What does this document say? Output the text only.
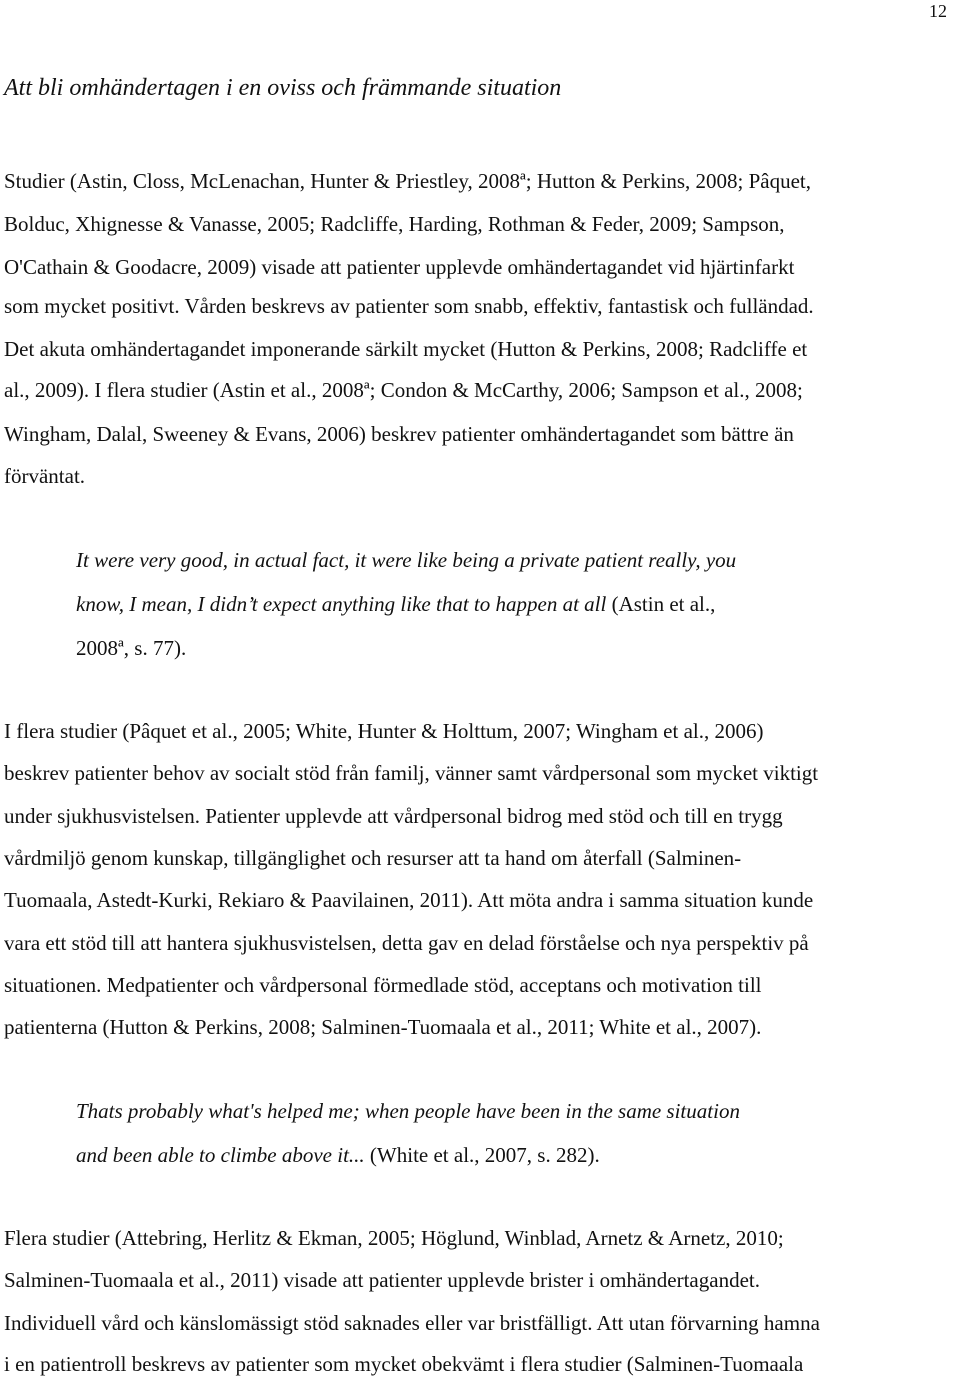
12
Att bli omhändertagen i en oviss och främmande situation
Studier (Astin, Closs, McLenachan, Hunter & Priestley, 2008ª; Hutton & Perkins, 2008; Pâquet,
Bolduc, Xhignesse & Vanasse, 2005; Radcliffe, Harding, Rothman & Feder, 2009; Sampson,
O'Cathain & Goodacre, 2009) visade att patienter upplevde omhändertagandet vid hjärtinfarkt
som mycket positivt. Vården beskrevs av patienter som snabb, effektiv, fantastisk och fulländad.
Det akuta omhändertagandet imponerande särkilt mycket (Hutton & Perkins, 2008; Radcliffe et
al., 2009). I flera studier (Astin et al., 2008ª; Condon & McCarthy, 2006; Sampson et al., 2008;
Wingham, Dalal, Sweeney & Evans, 2006) beskrev patienter omhändertagandet som bättre än
förväntat.
It were very good, in actual fact, it were like being a private patient really, you
know, I mean, I didn’t expect anything like that to happen at all (Astin et al.,
2008ª, s. 77).
I flera studier (Pâquet et al., 2005; White, Hunter & Holttum, 2007; Wingham et al., 2006)
beskrev patienter behov av socialt stöd från familj, vänner samt vårdpersonal som mycket viktigt
under sjukhusvistelsen. Patienter upplevde att vårdpersonal bidrog med stöd och till en trygg
vårdmiljö genom kunskap, tillgänglighet och resurser att ta hand om återfall (Salminen-
Tuomaala, Astedt-Kurki, Rekiaro & Paavilainen, 2011). Att möta andra i samma situation kunde
vara ett stöd till att hantera sjukhusvistelsen, detta gav en delad förståelse och nya perspektiv på
situationen. Medpatienter och vårdpersonal förmedlade stöd, acceptans och motivation till
patienterna (Hutton & Perkins, 2008; Salminen-Tuomaala et al., 2011; White et al., 2007).
Thats probably what's helped me; when people have been in the same situation
and been able to climbe above it... (White et al., 2007, s. 282).
Flera studier (Attebring, Herlitz & Ekman, 2005; Höglund, Winblad, Arnetz & Arnetz, 2010;
Salminen-Tuomaala et al., 2011) visade att patienter upplevde brister i omhändertagandet.
Individuell vård och känslomässigt stöd saknades eller var bristfälligt. Att utan förvarning hamna
i en patientroll beskrevs av patienter som mycket obekvämt i flera studier (Salminen-Tuomaala
